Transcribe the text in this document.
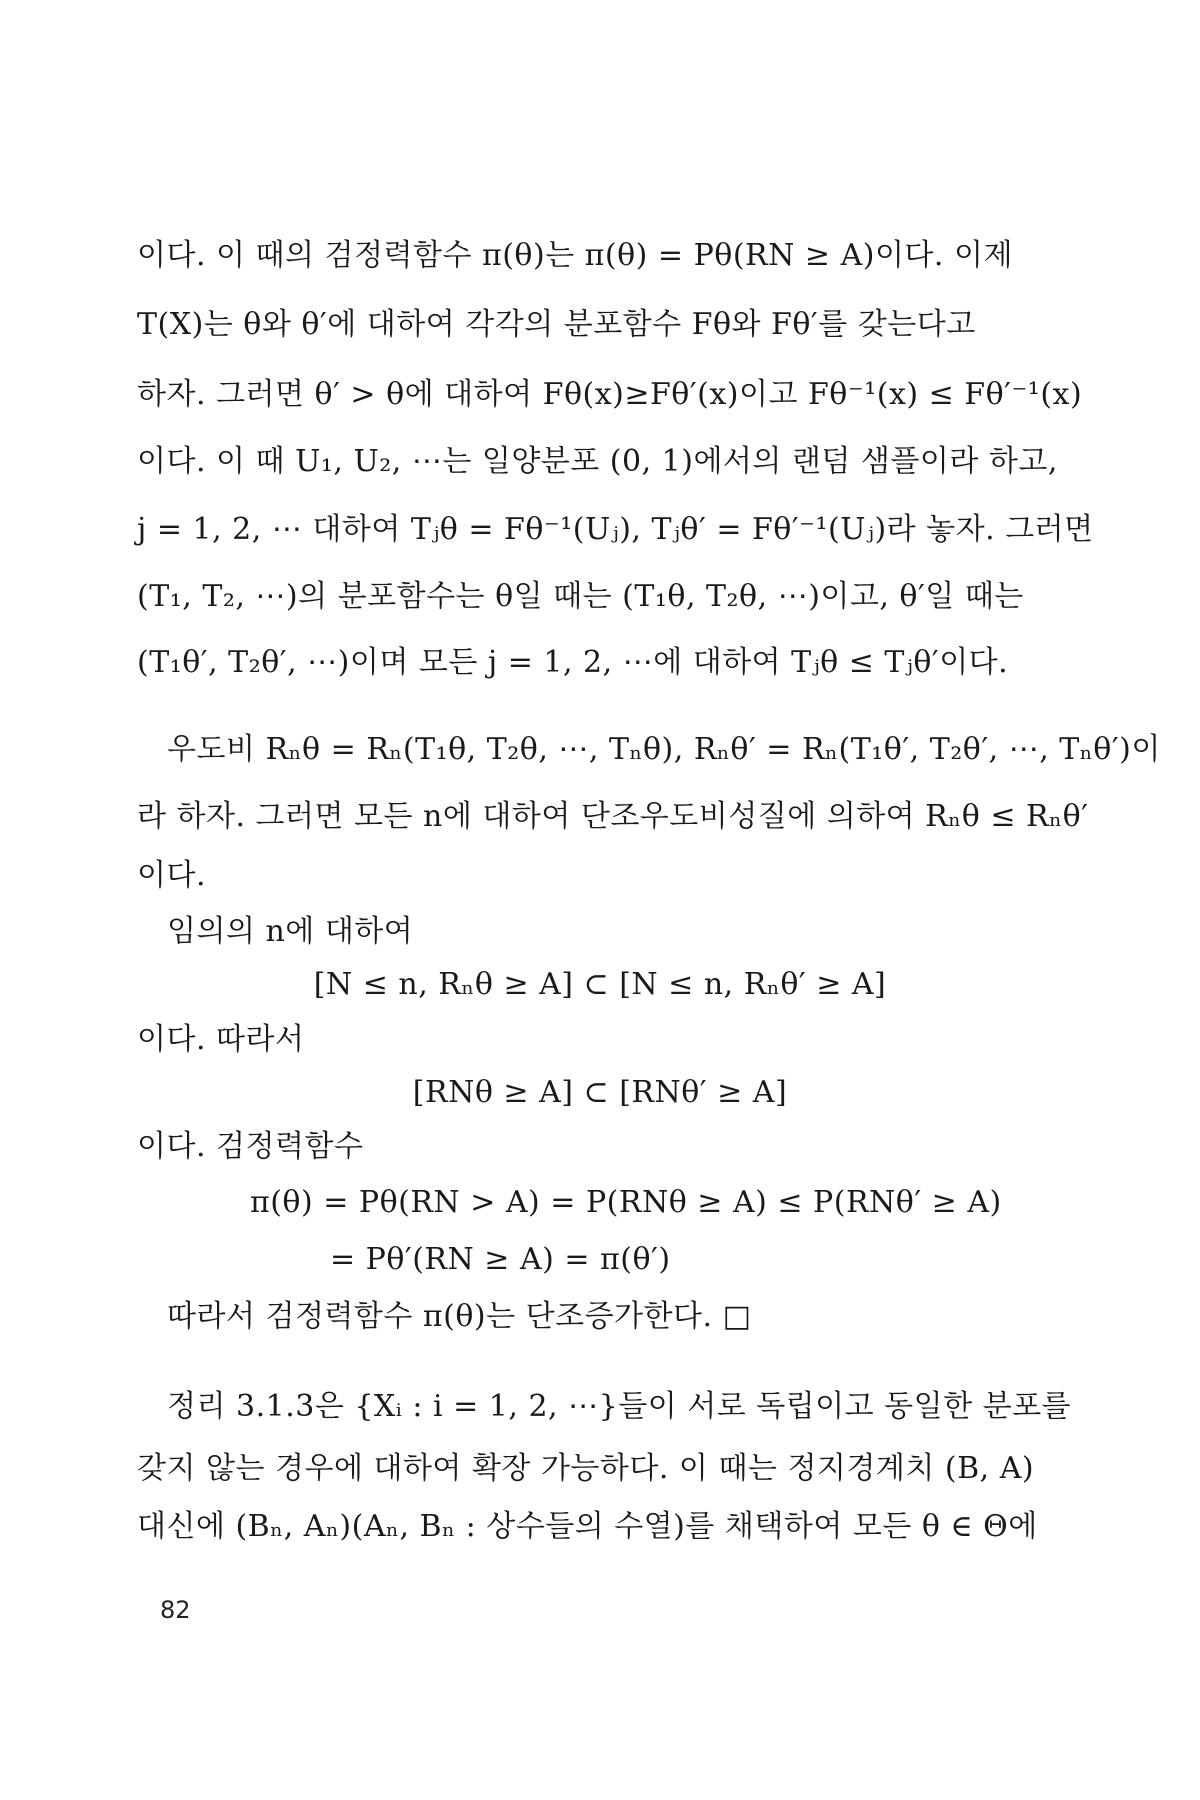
이다. 이 때의 검정력함수 π(θ)는 π(θ) = Pθ(RN ≥ A)이다. 이제
T(X)는 θ와 θ′에 대하여 각각의 분포함수 Fθ와 Fθ′를 갖는다고
하자. 그러면 θ′ > θ에 대하여 Fθ(x)≥Fθ′(x)이고 Fθ⁻¹(x) ≤ Fθ′⁻¹(x)
이다. 이 때 U₁, U₂, ⋯는 일양분포 (0, 1)에서의 랜덤 샘플이라 하고,
j = 1, 2, ⋯ 대하여 Tⱼθ = Fθ⁻¹(Uⱼ), Tⱼθ′ = Fθ′⁻¹(Uⱼ)라 놓자. 그러면
(T₁, T₂, ⋯)의 분포함수는 θ일 때는 (T₁θ, T₂θ, ⋯)이고, θ′일 때는
(T₁θ′, T₂θ′, ⋯)이며 모든 j = 1, 2, ⋯에 대하여 Tⱼθ ≤ Tⱼθ′이다.
우도비 Rₙθ = Rₙ(T₁θ, T₂θ, ⋯, Tₙθ), Rₙθ′ = Rₙ(T₁θ′, T₂θ′, ⋯, Tₙθ′)이
라 하자. 그러면 모든 n에 대하여 단조우도비성질에 의하여 Rₙθ ≤ Rₙθ′
이다.
임의의 n에 대하여
[N ≤ n, Rₙθ ≥ A] ⊂ [N ≤ n, Rₙθ′ ≥ A]
이다. 따라서
[RNθ ≥ A] ⊂ [RNθ′ ≥ A]
이다. 검정력함수
π(θ) = Pθ(RN > A) = P(RNθ ≥ A) ≤ P(RNθ′ ≥ A)
= Pθ′(RN ≥ A) = π(θ′)
따라서 검정력함수 π(θ)는 단조증가한다. □
정리 3.1.3은 {Xᵢ : i = 1, 2, ⋯}들이 서로 독립이고 동일한 분포를
갖지 않는 경우에 대하여 확장 가능하다. 이 때는 정지경계치 (B, A)
대신에 (Bₙ, Aₙ)(Aₙ, Bₙ : 상수들의 수열)를 채택하여 모든 θ ∈ Θ에
82
